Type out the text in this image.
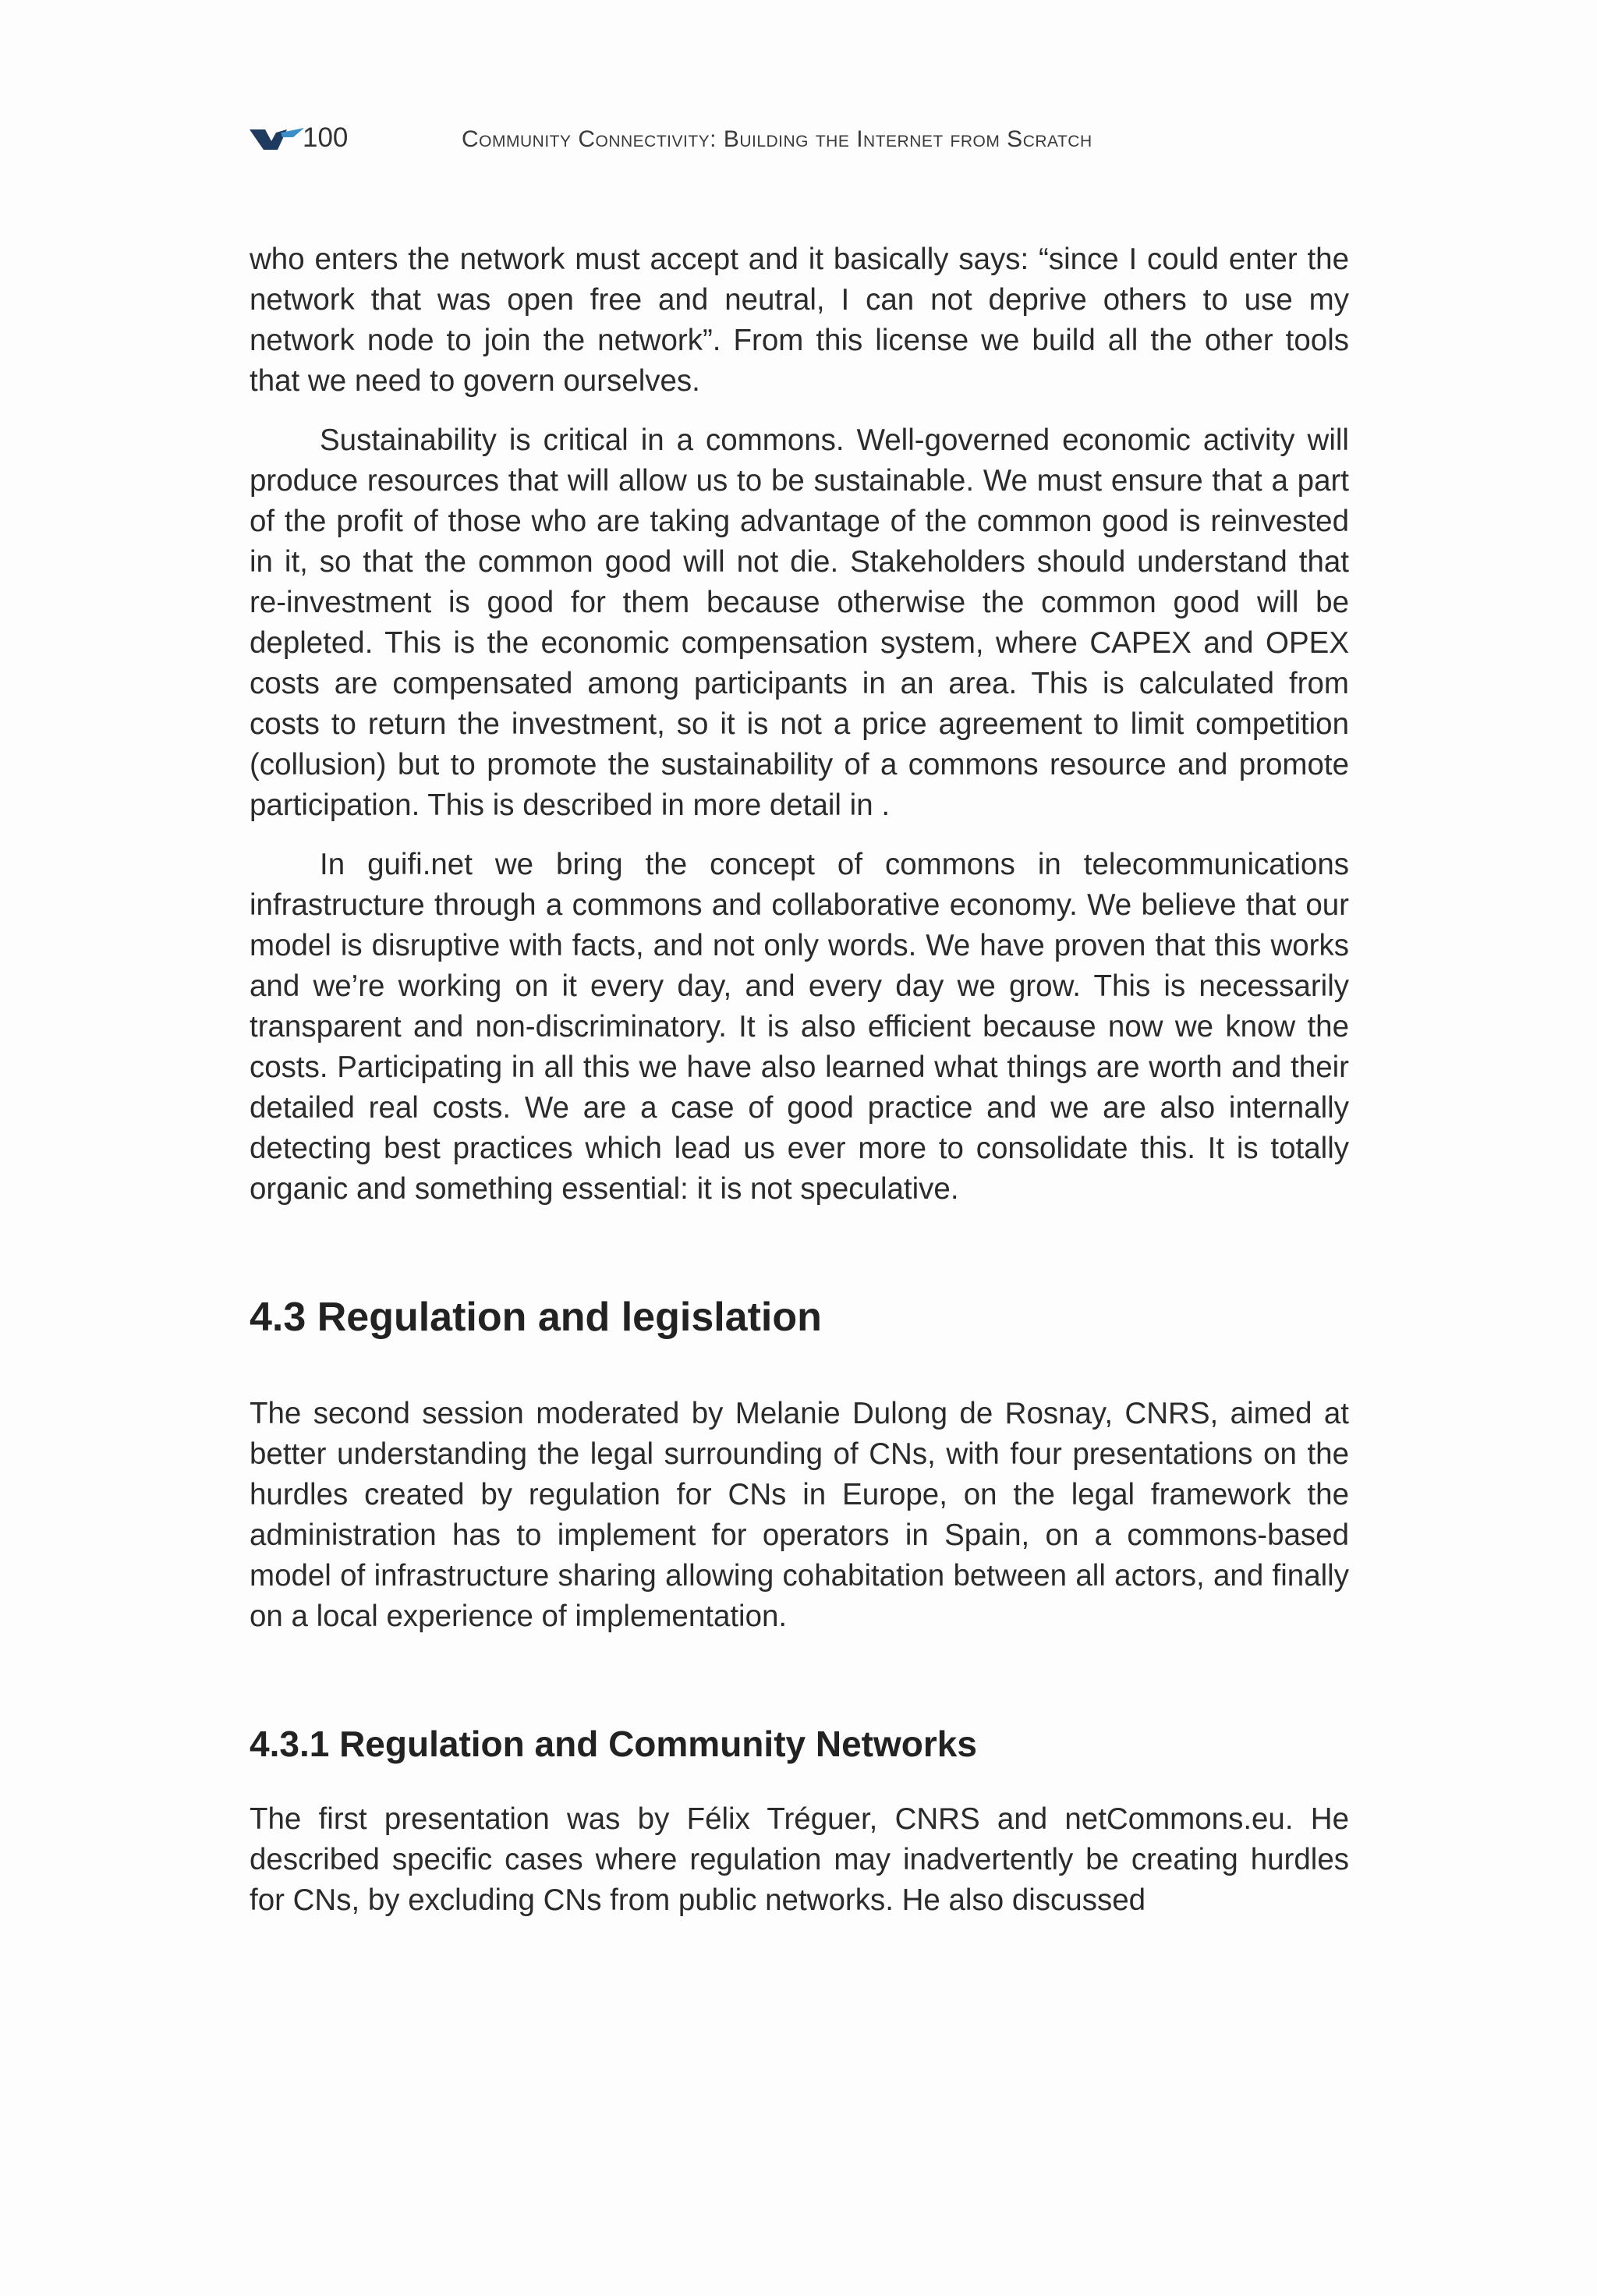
100	Community Connectivity: Building the Internet from Scratch

who enters the network must accept and it basically says: “since I could enter the network that was open free and neutral, I can not deprive others to use my network node to join the network”. From this license we build all the other tools that we need to govern ourselves.

Sustainability is critical in a commons. Well-governed economic activity will produce resources that will allow us to be sustainable. We must ensure that a part of the profit of those who are taking advantage of the common good is reinvested in it, so that the common good will not die. Stakeholders should understand that re-investment is good for them because otherwise the common good will be depleted. This is the economic compensation system, where CAPEX and OPEX costs are compensated among participants in an area. This is calculated from costs to return the investment, so it is not a price agreement to limit competition (collusion) but to promote the sustainability of a commons resource and promote participation. This is described in more detail in .

In guifi.net we bring the concept of commons in telecommunications infrastructure through a commons and collaborative economy. We believe that our model is disruptive with facts, and not only words. We have proven that this works and we’re working on it every day, and every day we grow. This is necessarily transparent and non-discriminatory. It is also efficient because now we know the costs. Participating in all this we have also learned what things are worth and their detailed real costs. We are a case of good practice and we are also internally detecting best practices which lead us ever more to consolidate this. It is totally organic and something essential: it is not speculative.

4.3 Regulation and legislation

The second session moderated by Melanie Dulong de Rosnay, CNRS, aimed at better understanding the legal surrounding of CNs, with four presentations on the hurdles created by regulation for CNs in Europe, on the legal framework the administration has to implement for operators in Spain, on a commons-based model of infrastructure sharing allowing cohabitation between all actors, and finally on a local experience of implementation.

4.3.1 Regulation and Community Networks

The first presentation was by Félix Tréguer, CNRS and netCommons.eu. He described specific cases where regulation may inadvertently be creating hurdles for CNs, by excluding CNs from public networks. He also discussed
